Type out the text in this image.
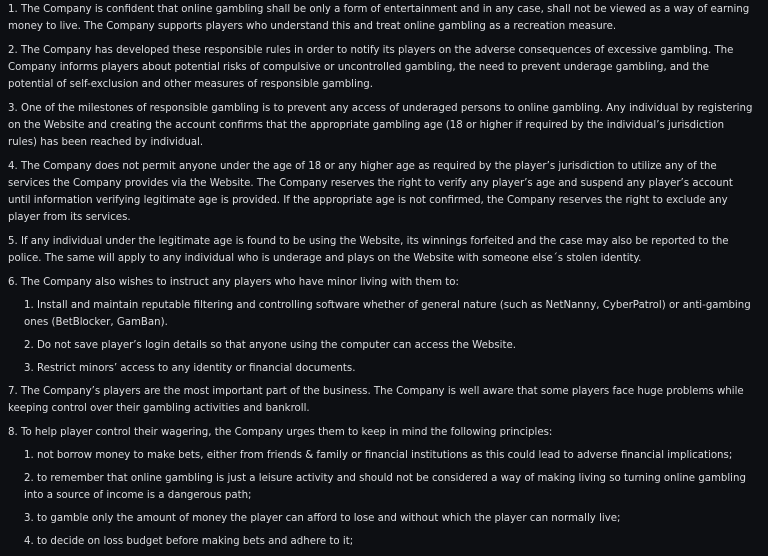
1. The Company is confident that online gambling shall be only a form of entertainment and in any case, shall not be viewed as a way of earning money to live. The Company supports players who understand this and treat online gambling as a recreation measure.
2. The Company has developed these responsible rules in order to notify its players on the adverse consequences of excessive gambling. The Company informs players about potential risks of compulsive or uncontrolled gambling, the need to prevent underage gambling, and the potential of self-exclusion and other measures of responsible gambling.
3. One of the milestones of responsible gambling is to prevent any access of underaged persons to online gambling. Any individual by registering on the Website and creating the account confirms that the appropriate gambling age (18 or higher if required by the individual’s jurisdiction rules) has been reached by individual.
4. The Company does not permit anyone under the age of 18 or any higher age as required by the player’s jurisdiction to utilize any of the services the Company provides via the Website. The Company reserves the right to verify any player’s age and suspend any player’s account until information verifying legitimate age is provided. If the appropriate age is not confirmed, the Company reserves the right to exclude any player from its services.
5. If any individual under the legitimate age is found to be using the Website, its winnings forfeited and the case may also be reported to the police. The same will apply to any individual who is underage and plays on the Website with someone else´s stolen identity.
6. The Company also wishes to instruct any players who have minor living with them to:
1. Install and maintain reputable filtering and controlling software whether of general nature (such as NetNanny, CyberPatrol) or anti-gambing ones (BetBlocker, GamBan).
2. Do not save player’s login details so that anyone using the computer can access the Website.
3. Restrict minors’ access to any identity or financial documents.
7. The Company’s players are the most important part of the business. The Company is well aware that some players face huge problems while keeping control over their gambling activities and bankroll.
8. To help player control their wagering, the Company urges them to keep in mind the following principles:
1. not borrow money to make bets, either from friends & family or financial institutions as this could lead to adverse financial implications;
2. to remember that online gambling is just a leisure activity and should not be considered a way of making living so turning online gambling into a source of income is a dangerous path;
3. to gamble only the amount of money the player can afford to lose and without which the player can normally live;
4. to decide on loss budget before making bets and adhere to it;
